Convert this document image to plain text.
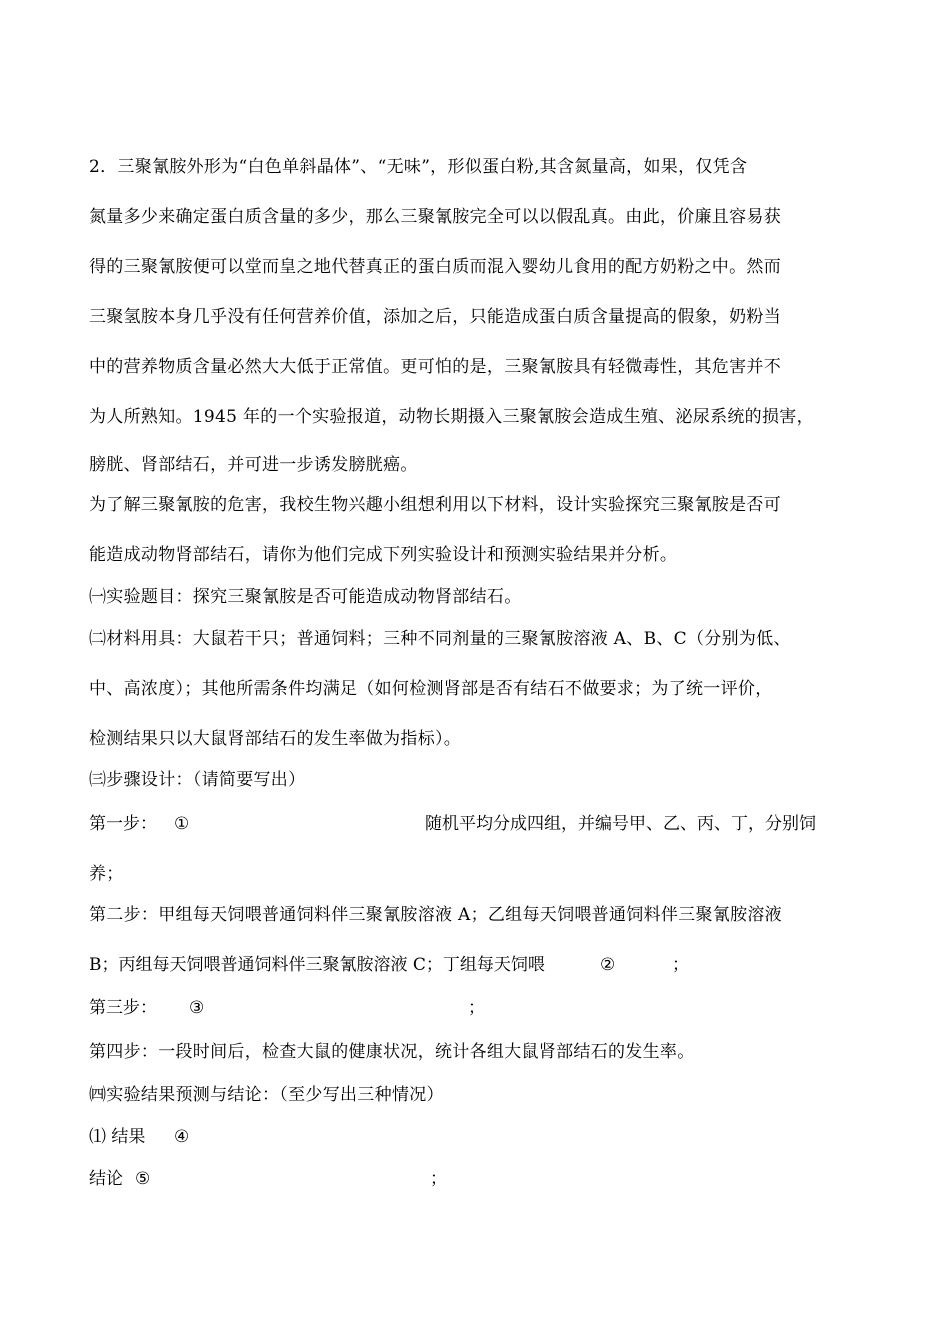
2．三聚氰胺外形为“白色单斜晶体”、“无味”，形似蛋白粉,其含氮量高，如果，仅凭含
氮量多少来确定蛋白质含量的多少，那么三聚氰胺完全可以以假乱真。由此，价廉且容易获
得的三聚氰胺便可以堂而皇之地代替真正的蛋白质而混入婴幼儿食用的配方奶粉之中。然而
三聚氢胺本身几乎没有任何营养价值，添加之后，只能造成蛋白质含量提高的假象，奶粉当
中的营养物质含量必然大大低于正常值。更可怕的是，三聚氰胺具有轻微毒性，其危害并不
为人所熟知。1945 年的一个实验报道，动物长期摄入三聚氰胺会造成生殖、泌尿系统的损害，
膀胱、肾部结石，并可进一步诱发膀胱癌。
为了解三聚氰胺的危害，我校生物兴趣小组想利用以下材料，设计实验探究三聚氰胺是否可
能造成动物肾部结石，请你为他们完成下列实验设计和预测实验结果并分析。
㈠实验题目：探究三聚氰胺是否可能造成动物肾部结石。
㈡材料用具：大鼠若干只；普通饲料；三种不同剂量的三聚氰胺溶液 A、B、C（分别为低、
中、高浓度）；其他所需条件均满足（如何检测肾部是否有结石不做要求；为了统一评价，
检测结果只以大鼠肾部结石的发生率做为指标）。
㈢步骤设计：（请简要写出）
第一步： ①	随机平均分成四组，并编号甲、乙、丙、丁，分别饲
养；
第二步：甲组每天饲喂普通饲料伴三聚氰胺溶液 A；乙组每天饲喂普通饲料伴三聚氰胺溶液
B；丙组每天饲喂普通饲料伴三聚氰胺溶液 C；丁组每天饲喂	②	；
第三步： ③	；
第四步：一段时间后，检查大鼠的健康状况，统计各组大鼠肾部结石的发生率。
㈣实验结果预测与结论：（至少写出三种情况）
⑴ 结果 ④
结论 ⑤	；
